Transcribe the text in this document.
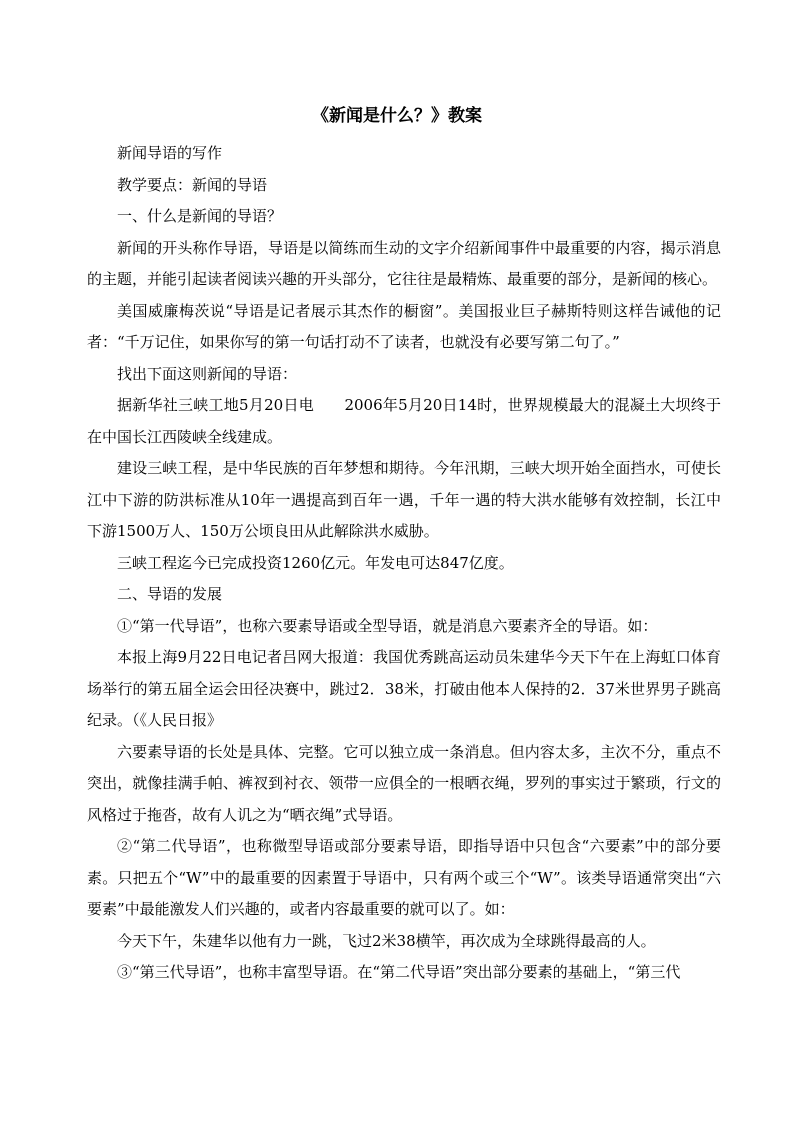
《新闻是什么？》教案

新闻导语的写作

教学要点：新闻的导语

一、什么是新闻的导语？

新闻的开头称作导语，导语是以简练而生动的文字介绍新闻事件中最重要的内容，揭示消息的主题，并能引起读者阅读兴趣的开头部分，它往往是最精炼、最重要的部分，是新闻的核心。

美国威廉梅茨说“导语是记者展示其杰作的橱窗”。美国报业巨子赫斯特则这样告诫他的记者：“千万记住，如果你写的第一句话打动不了读者，也就没有必要写第二句了。”

找出下面这则新闻的导语：

据新华社三峡工地5月20日电　　2006年5月20日14时，世界规模最大的混凝土大坝终于在中国长江西陵峡全线建成。

建设三峡工程，是中华民族的百年梦想和期待。今年汛期，三峡大坝开始全面挡水，可使长江中下游的防洪标准从10年一遇提高到百年一遇，千年一遇的特大洪水能够有效控制，长江中下游1500万人、150万公顷良田从此解除洪水威胁。

三峡工程迄今已完成投资1260亿元。年发电可达847亿度。

二、导语的发展

①“第一代导语”，也称六要素导语或全型导语，就是消息六要素齐全的导语。如：

本报上海9月22日电记者吕网大报道：我国优秀跳高运动员朱建华今天下午在上海虹口体育场举行的第五届全运会田径决赛中，跳过2．38米，打破由他本人保持的2．37米世界男子跳高纪录。（《人民日报》

六要素导语的长处是具体、完整。它可以独立成一条消息。但内容太多，主次不分，重点不突出，就像挂满手帕、裤衩到衬衣、领带一应俱全的一根晒衣绳，罗列的事实过于繁琐，行文的风格过于拖沓，故有人讥之为“晒衣绳”式导语。

②“第二代导语”，也称微型导语或部分要素导语，即指导语中只包含“六要素”中的部分要素。只把五个“W”中的最重要的因素置于导语中，只有两个或三个“W”。该类导语通常突出“六要素”中最能激发人们兴趣的，或者内容最重要的就可以了。如：

今天下午，朱建华以他有力一跳，飞过2米38横竿，再次成为全球跳得最高的人。

③“第三代导语”，也称丰富型导语。在“第二代导语”突出部分要素的基础上，“第三代
